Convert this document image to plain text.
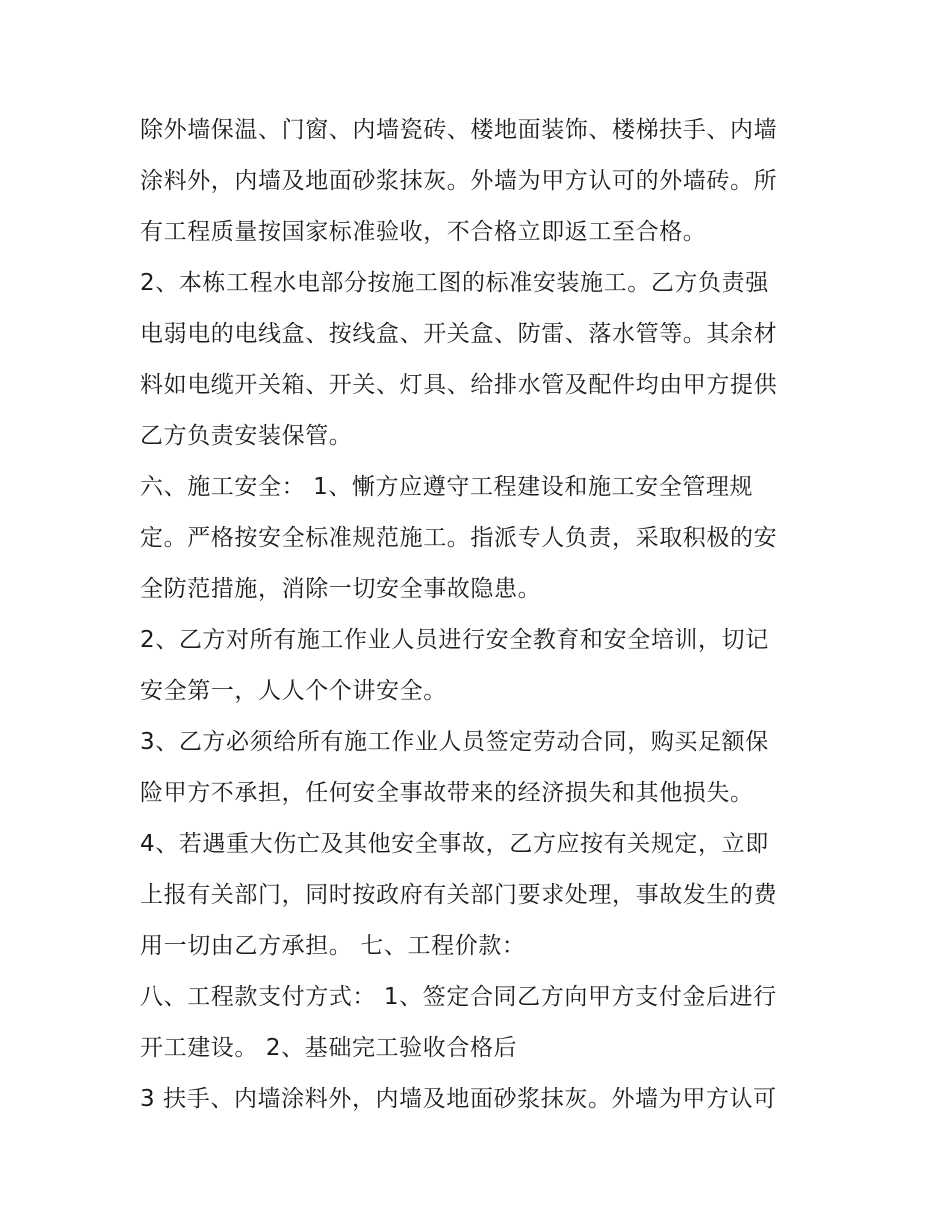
除外墙保温、门窗、内墙瓷砖、楼地面装饰、楼梯扶手、内墙

涂料外，内墙及地面砂浆抹灰。外墙为甲方认可的外墙砖。所

有工程质量按国家标准验收，不合格立即返工至合格。

2、本栋工程水电部分按施工图的标准安装施工。乙方负责强

电弱电的电线盒、按线盒、开关盒、防雷、落水管等。其余材

料如电缆开关箱、开关、灯具、给排水管及配件均由甲方提供

乙方负责安装保管。

六、施工安全： 1、慚方应遵守工程建设和施工安全管理规

定。严格按安全标准规范施工。指派专人负责，采取积极的安

全防范措施，消除一切安全事故隐患。

2、乙方对所有施工作业人员进行安全教育和安全培训，切记

安全第一，人人个个讲安全。

3、乙方必须给所有施工作业人员签定劳动合同，购买足额保

险甲方不承担，任何安全事故带来的经济损失和其他损失。

4、若遇重大伤亡及其他安全事故，乙方应按有关规定，立即

上报有关部门，同时按政府有关部门要求处理，事故发生的费

用一切由乙方承担。 七、工程价款：

八、工程款支付方式： 1、签定合同乙方向甲方支付金后进行

开工建设。 2、基础完工验收合格后

3 扶手、内墙涂料外，内墙及地面砂浆抹灰。外墙为甲方认可
